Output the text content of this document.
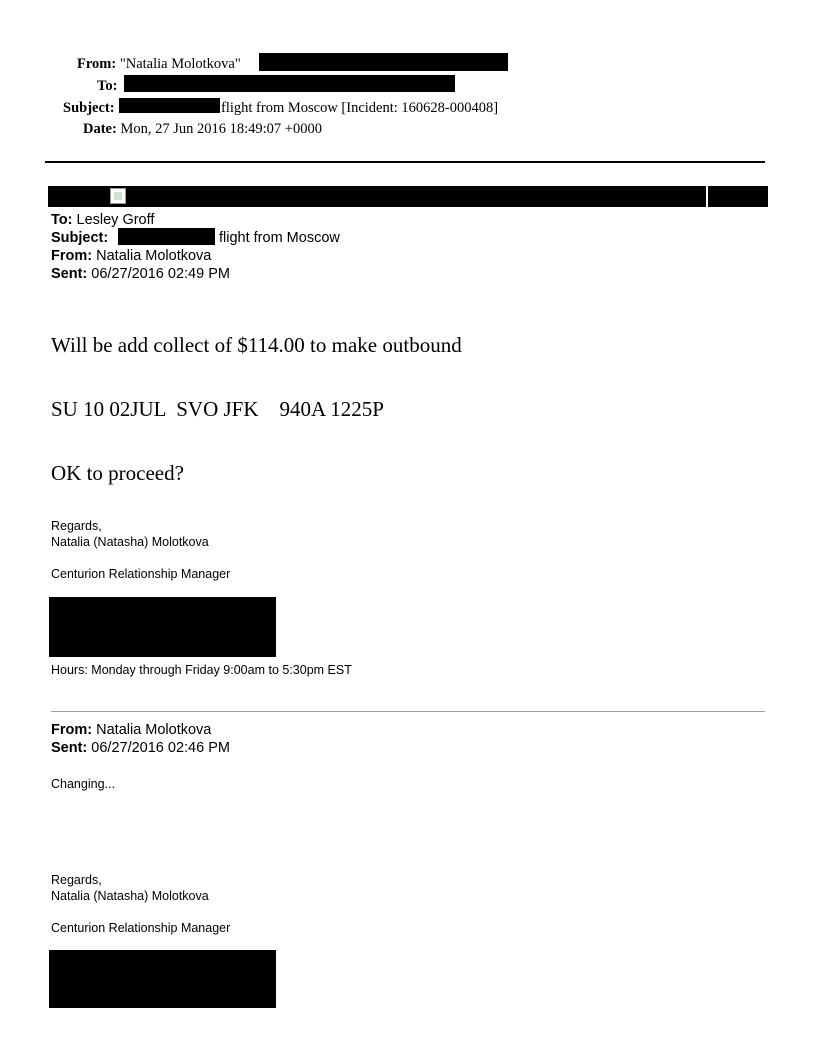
From: "Natalia Molotkova"
To:
Subject:	flight from Moscow [Incident: 160628-000408]
Date: Mon, 27 Jun 2016 18:49:07 +0000
To: Lesley Groff
Subject:	flight from Moscow
From: Natalia Molotkova
Sent: 06/27/2016 02:49 PM
Will be add collect of $114.00 to make outbound
SU 10 02JUL  SVO JFK    940A 1225P
OK to proceed?
Regards,
Natalia (Natasha) Molotkova
Centurion Relationship Manager
Hours: Monday through Friday 9:00am to 5:30pm EST
From: Natalia Molotkova
Sent: 06/27/2016 02:46 PM
Changing...
Regards,
Natalia (Natasha) Molotkova
Centurion Relationship Manager
